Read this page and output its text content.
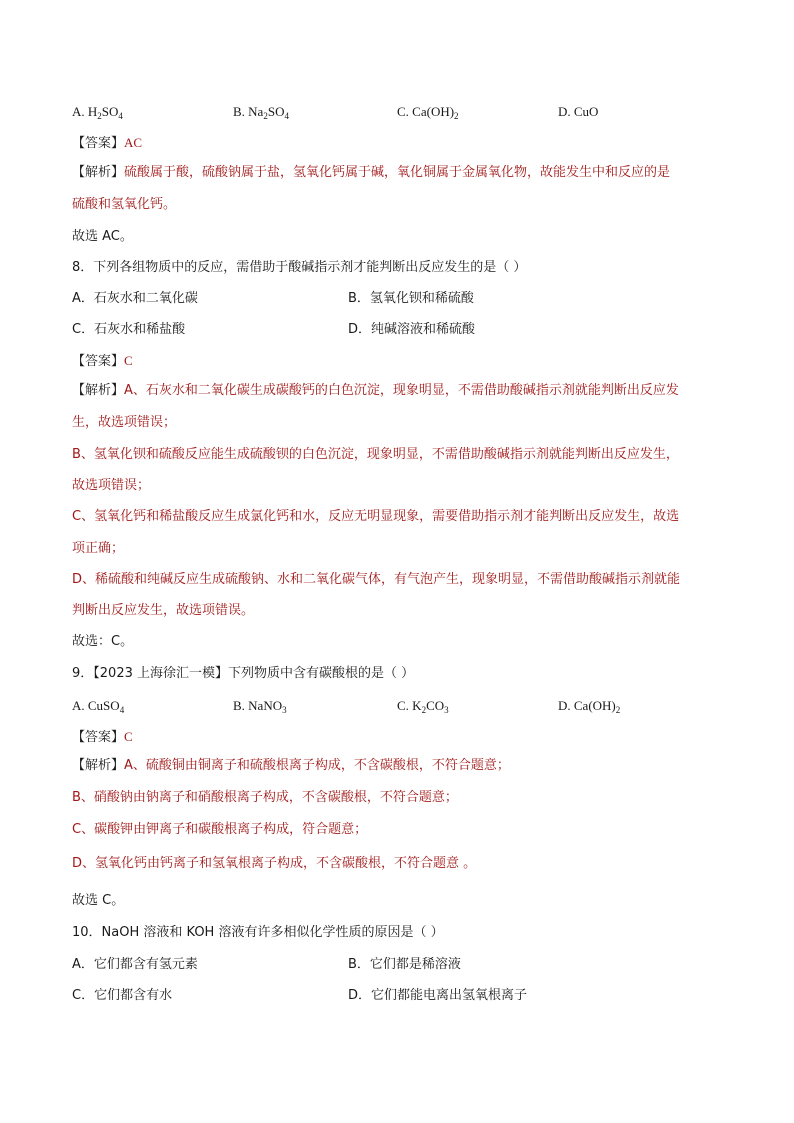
A. $H_2SO_4$	B. $Na_2SO_4$	C. $Ca(OH)_2$	D. CuO
【答案】AC
【解析】硫酸属于酸，硫酸钠属于盐，氢氧化钙属于碱，氧化铜属于金属氧化物，故能发生中和反应的是
硫酸和氢氧化钙。
故选 AC。
8．下列各组物质中的反应，需借助于酸碱指示剂才能判断出反应发生的是（ ）
A．石灰水和二氧化碳	B．氢氧化钡和稀硫酸
C．石灰水和稀盐酸	D．纯碱溶液和稀硫酸
【答案】C
【解析】A、石灰水和二氧化碳生成碳酸钙的白色沉淀，现象明显，不需借助酸碱指示剂就能判断出反应发
生，故选项错误；
B、氢氧化钡和硫酸反应能生成硫酸钡的白色沉淀，现象明显，不需借助酸碱指示剂就能判断出反应发生，
故选项错误；
C、氢氧化钙和稀盐酸反应生成氯化钙和水，反应无明显现象，需要借助指示剂才能判断出反应发生，故选
项正确；
D、稀硫酸和纯碱反应生成硫酸钠、水和二氧化碳气体，有气泡产生，现象明显，不需借助酸碱指示剂就能
判断出反应发生，故选项错误。
故选：C。
9．【2023 上海徐汇一模】下列物质中含有碳酸根的是（ ）
A. CuSO$_4$	B. NaNO$_3$	C. $K_2CO_3$	D. $Ca(OH)_2$
【答案】C
【解析】A、硫酸铜由铜离子和硫酸根离子构成，不含碳酸根，不符合题意；
B、硝酸钠由钠离子和硝酸根离子构成，不含碳酸根，不符合题意；
C、碳酸钾由钾离子和碳酸根离子构成，符合题意；
D、氢氧化钙由钙离子和氢氧根离子构成，不含碳酸根，不符合题意 。
故选 C。
10．NaOH 溶液和 KOH 溶液有许多相似化学性质的原因是（ ）
A．它们都含有氢元素	B．它们都是稀溶液
C．它们都含有水	D．它们都能电离出氢氧根离子
